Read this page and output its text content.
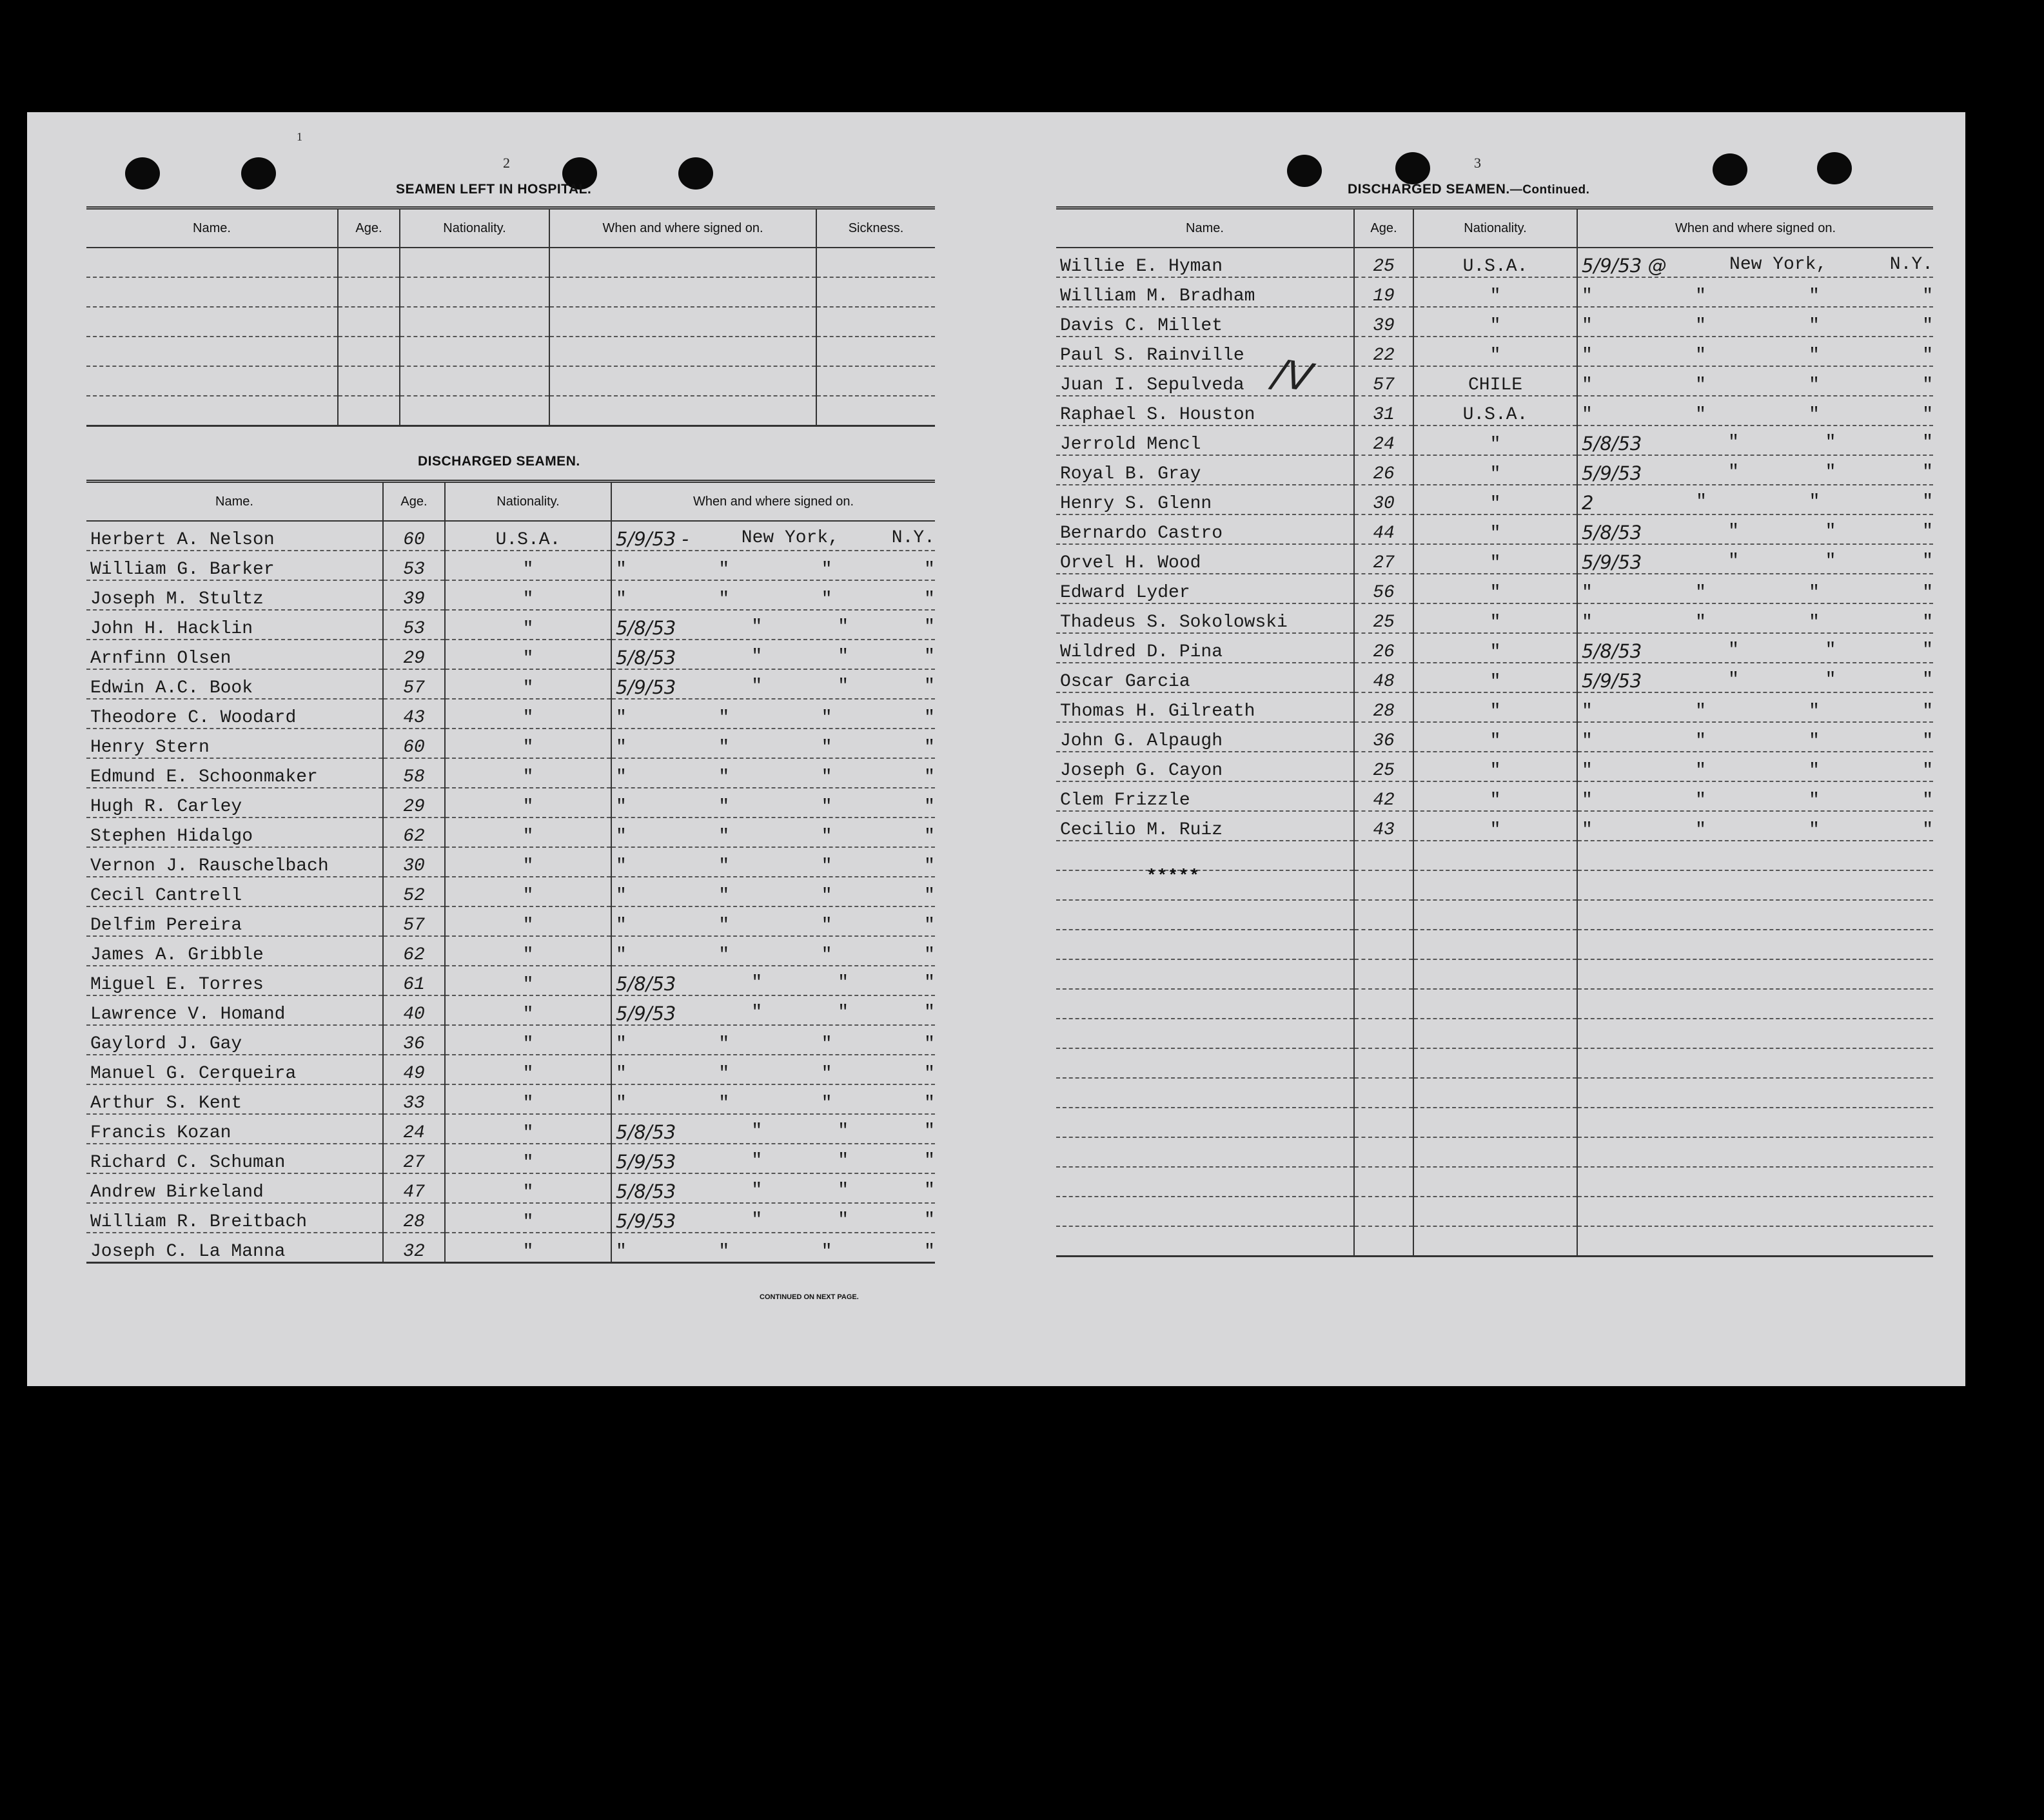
1
2
SEAMEN LEFT IN HOSPITAL.
Name.	Age.	Nationality.	When and where signed on.	Sickness.

DISCHARGED SEAMEN.
Name.	Age.	Nationality.	When and where signed on.
Herbert A. Nelson	60	U.S.A.	5/9/53 - New York, N.Y.

William G. Barker	53	"	" " " "

Joseph M. Stultz	39	"	" " " "

John H. Hacklin	53	"	5/8/53 " " "

Arnfinn Olsen	29	"	5/8/53 " " "

Edwin A.C. Book	57	"	5/9/53 " " "

Theodore C. Woodard	43	"	" " " "

Henry Stern	60	"	" " " "

Edmund E. Schoonmaker	58	"	" " " "

Hugh R. Carley	29	"	" " " "

Stephen Hidalgo	62	"	" " " "

Vernon J. Rauschelbach	30	"	" " " "

Cecil Cantrell	52	"	" " " "

Delfim Pereira	57	"	" " " "

James A. Gribble	62	"	" " " "

Miguel E. Torres	61	"	5/8/53 " " "

Lawrence V. Homand	40	"	5/9/53 " " "

Gaylord J. Gay	36	"	" " " "

Manuel G. Cerqueira	49	"	" " " "

Arthur S. Kent	33	"	" " " "

Francis Kozan	24	"	5/8/53 " " "

Richard C. Schuman	27	"	5/9/53 " " "

Andrew Birkeland	47	"	5/8/53 " " "

William R. Breitbach	28	"	5/9/53 " " "

Joseph C. La Manna	32	"	" " " "
CONTINUED ON NEXT PAGE.
3
DISCHARGED SEAMEN.—Continued.
Name.	Age.	Nationality.	When and where signed on.
Willie E. Hyman	25	U.S.A.	5/9/53 @ New York, N.Y.

William M. Bradham	19	"	" " " "

Davis C. Millet	39	"	" " " "

Paul S. Rainville	22	"	" " " "

Juan I. Sepulveda	57	CHILE	" " " "

Raphael S. Houston	31	U.S.A.	" " " "

Jerrold Mencl	24	"	5/8/53 " " "

Royal B. Gray	26	"	5/9/53 " " "

Henry S. Glenn	30	"	2 " " "

Bernardo Castro	44	"	5/8/53 " " "

Orvel H. Wood	27	"	5/9/53 " " "

Edward Lyder	56	"	" " " "

Thadeus S. Sokolowski	25	"	" " " "

Wildred D. Pina	26	"	5/8/53 " " "

Oscar Garcia	48	"	5/9/53 " " "

Thomas H. Gilreath	28	"	" " " "

John G. Alpaugh	36	"	" " " "

Joseph G. Cayon	25	"	" " " "

Clem Frizzle	42	"	" " " "

Cecilio M. Ruiz	43	"	" " " "

*****
/V
